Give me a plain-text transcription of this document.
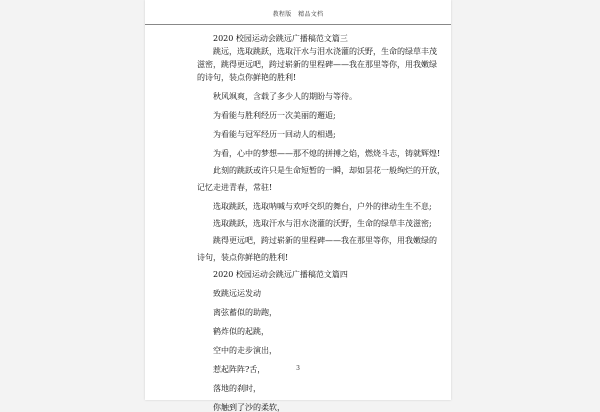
教程版   精品文档
2020 校园运动会跳远广播稿范文篇三
跳远，选取跳跃，选取汗水与泪水浇灌的沃野，生命的绿草丰茂
滋密，跳得更远吧，跨过崭新的里程碑——我在那里等你，用我嫩绿
的诗句，装点你鲜艳的胜利!
秋风飒爽，含载了多少人的期盼与等待。
为看能与胜利经历一次美丽的邂逅;
为看能与冠军经历一回动人的相遇;
为看，心中的梦想——那不熄的拼搏之焰，燃烧斗志，铸就辉煌!
此刻的跳跃或许只是生命短暂的一瞬，却如昙花一般绚烂的开放，
记忆走进青春，常驻!
选取跳跃，选取呐喊与欢呼交织的舞台，户外的律动生生不息;
选取跳跃，选取汗水与泪水浇灌的沃野，生命的绿草丰茂滋密;
跳得更远吧，跨过崭新的里程碑——我在那里等你，用我嫩绿的
诗句，装点你鲜艳的胜利!
2020 校园运动会跳远广播稿范文篇四
致跳远运发动
离弦蓄似的助跑，
鹤炸似的起跳，
空中的走步演出，
惹起阵阵?舌，
落地的刹时，
你触到了沙的柔软，
3
